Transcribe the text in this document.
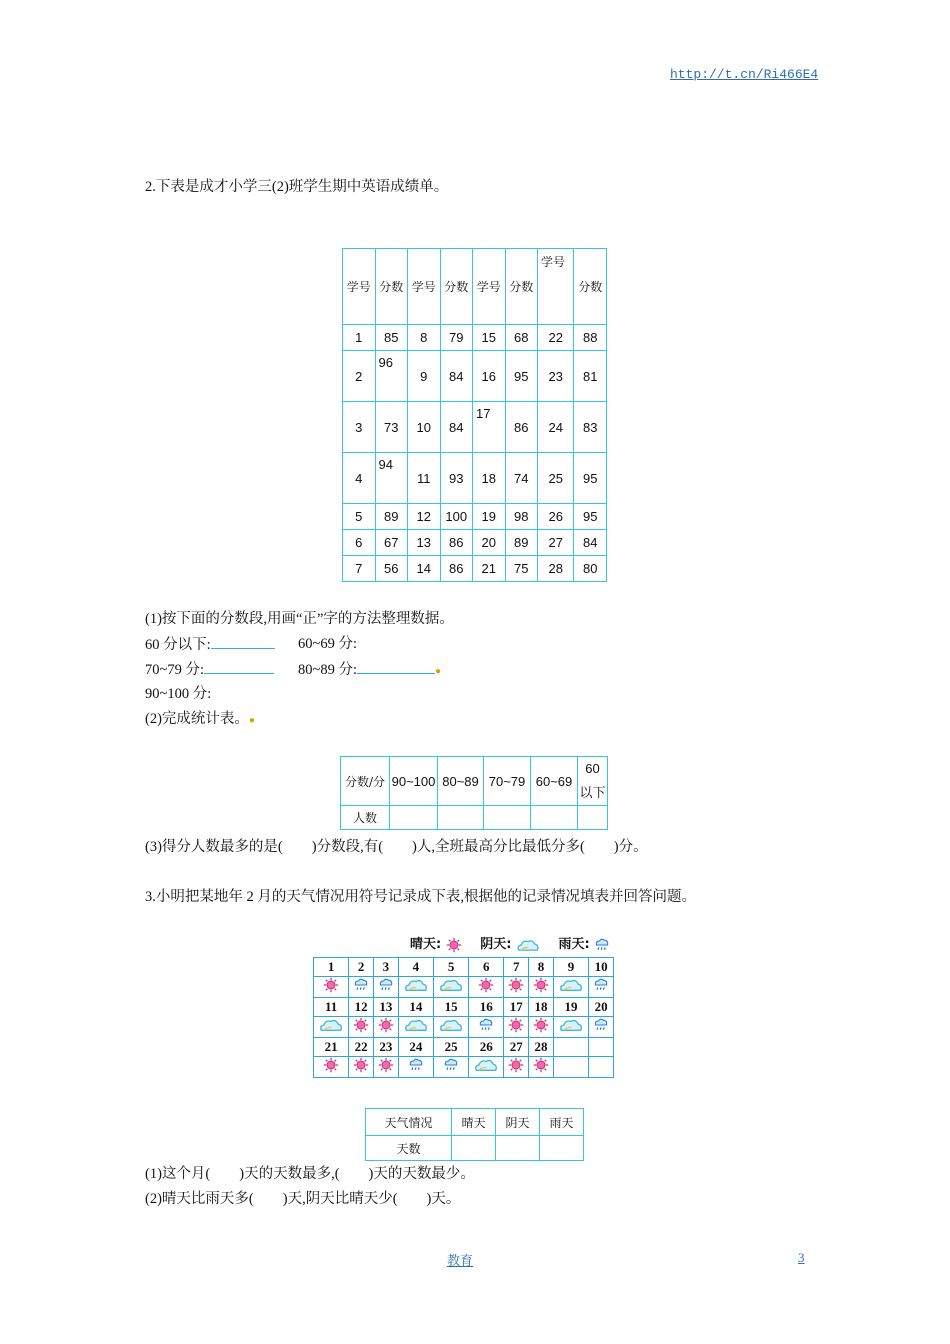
http://t.cn/Ri466E4
2.下表是成才小学三(2)班学生期中英语成绩单。
学号	分数	学号	分数	学号	分数	学号	分数
1	85	8	79	15	68	22	88
2	96	9	84	16	95	23	81
3	73	10	84	17	86	24	83
4	94	11	93	18	74	25	95
5	89	12	100	19	98	26	95
6	67	13	86	20	89	27	84
7	56	14	86	21	75	28	80
(1)按下面的分数段,用画“正”字的方法整理数据。
60 分以下:	60~69 分:
70~79 分:	80~89 分:	●
90~100 分:
(2)完成统计表。●
分数/分	90~100	80~89	70~79	60~69	60
以下
人数					
(3)得分人数最多的是(　　)分数段,有(　　)人,全班最高分比最低分多(　　)分。
3.小明把某地年 2 月的天气情况用符号记录成下表,根据他的记录情况填表并回答问题。
晴天:	阴天:	雨天:
1	2	3	4	5	6	7	8	9	10

11	12	13	14	15	16	17	18	19	20

21	22	23	24	25	26	27	28		

天气情况	晴天	阴天	雨天
天数			
(1)这个月(　　)天的天数最多,(　　)天的天数最少。
(2)晴天比雨天多(　　)天,阴天比晴天少(　　)天。
教育	3
